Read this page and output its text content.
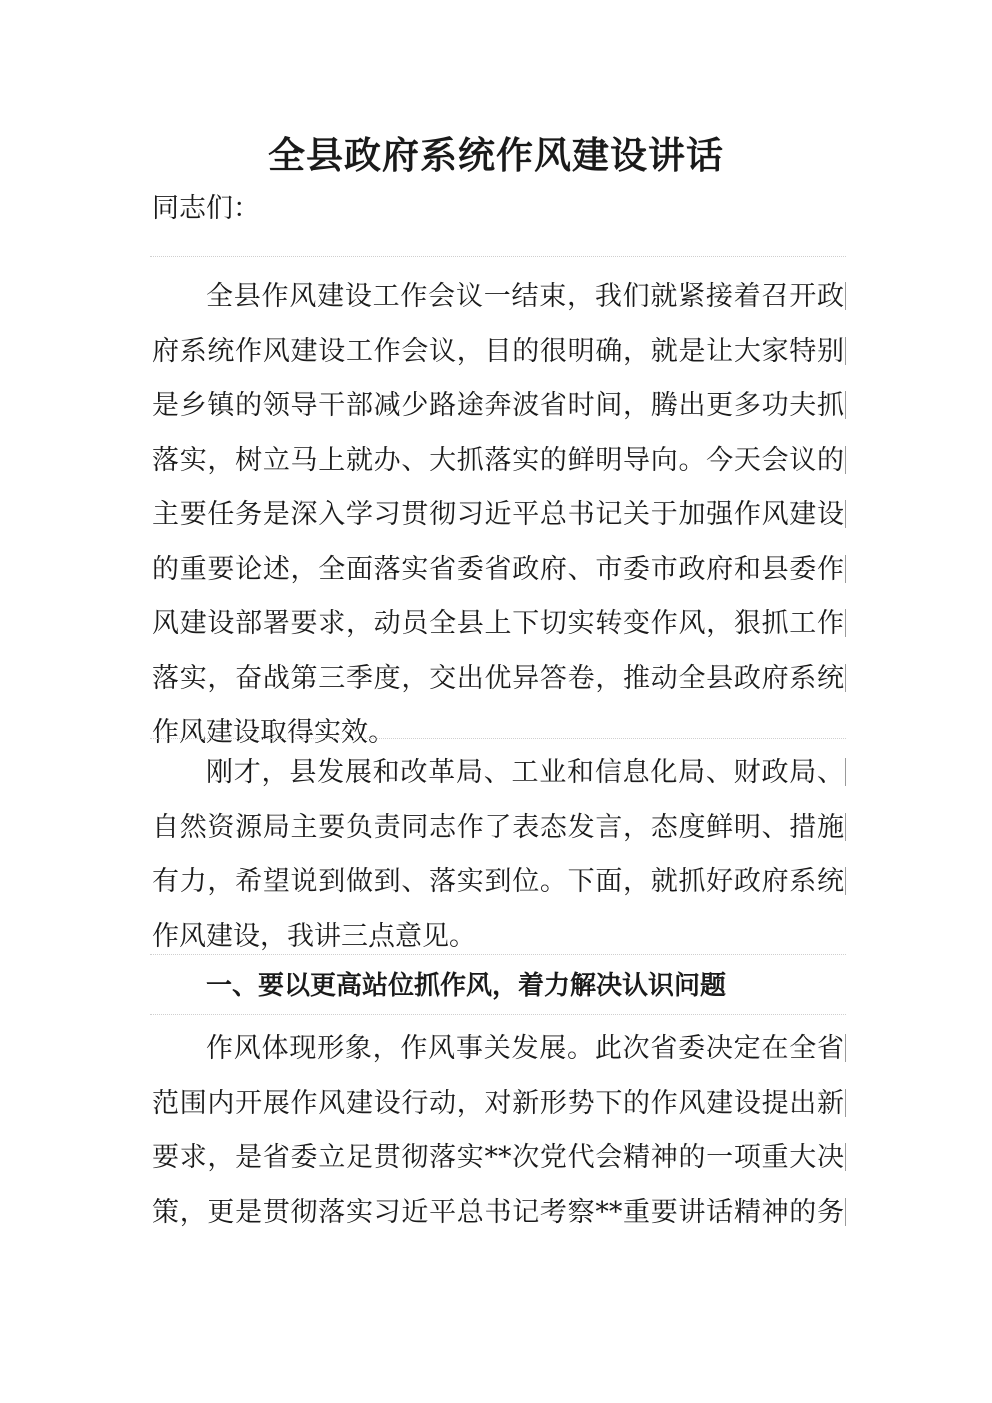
全县政府系统作风建设讲话

同志们：

全县作风建设工作会议一结束，我们就紧接着召开政
府系统作风建设工作会议，目的很明确，就是让大家特别
是乡镇的领导干部减少路途奔波省时间，腾出更多功夫抓
落实，树立马上就办、大抓落实的鲜明导向。今天会议的
主要任务是深入学习贯彻习近平总书记关于加强作风建设
的重要论述，全面落实省委省政府、市委市政府和县委作
风建设部署要求，动员全县上下切实转变作风，狠抓工作
落实，奋战第三季度，交出优异答卷，推动全县政府系统
作风建设取得实效。
刚才，县发展和改革局、工业和信息化局、财政局、
自然资源局主要负责同志作了表态发言，态度鲜明、措施
有力，希望说到做到、落实到位。下面，就抓好政府系统
作风建设，我讲三点意见。
一、要以更高站位抓作风，着力解决认识问题
作风体现形象，作风事关发展。此次省委决定在全省
范围内开展作风建设行动，对新形势下的作风建设提出新
要求，是省委立足贯彻落实**次党代会精神的一项重大决
策，更是贯彻落实习近平总书记考察**重要讲话精神的务
